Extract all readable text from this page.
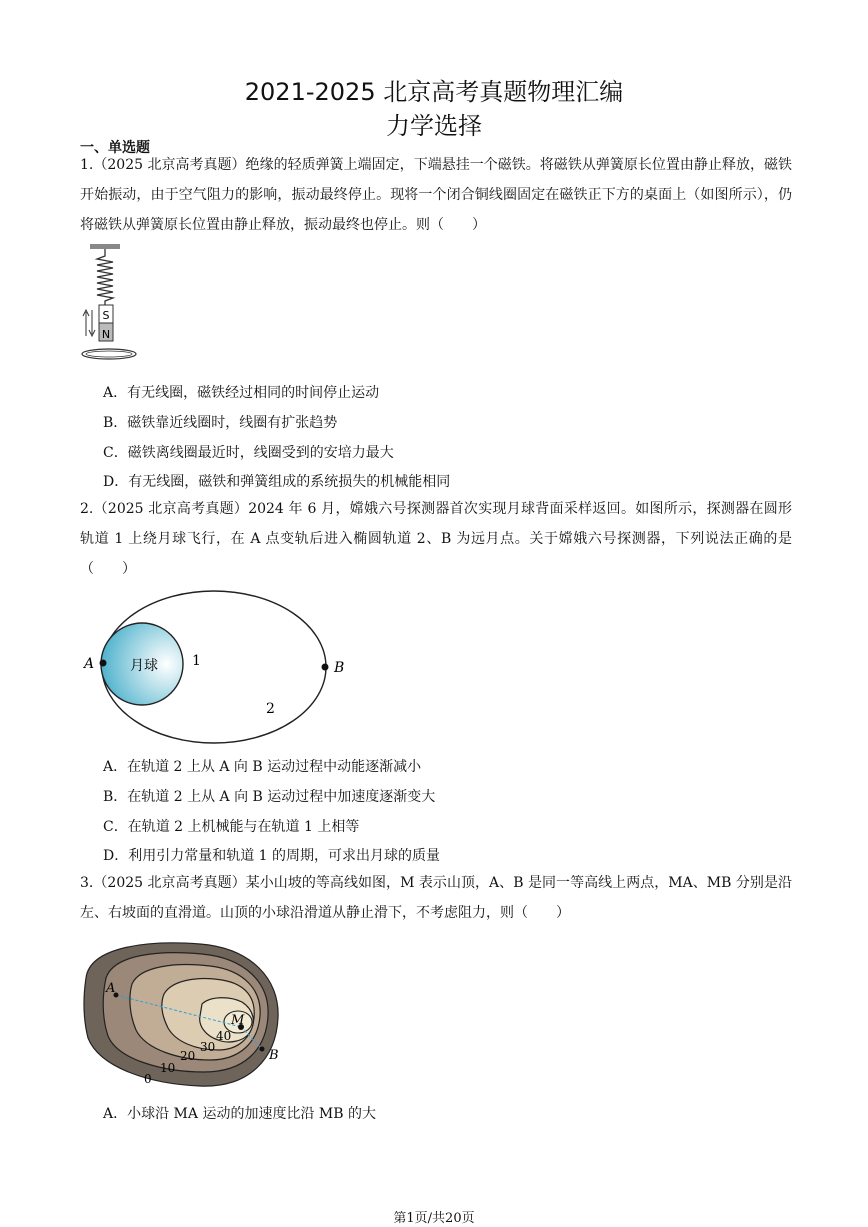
2021-2025 北京高考真题物理汇编
力学选择
一、单选题

1.（2025 北京高考真题）绝缘的轻质弹簧上端固定，下端悬挂一个磁铁。将磁铁从弹簧原长位置由静止释放，磁铁开始振动，由于空气阻力的影响，振动最终停止。现将一个闭合铜线圈固定在磁铁正下方的桌面上（如图所示），仍将磁铁从弹簧原长位置由静止释放，振动最终也停止。则（　　）

S
N

A．有无线圈，磁铁经过相同的时间停止运动

B．磁铁靠近线圈时，线圈有扩张趋势

C．磁铁离线圈最近时，线圈受到的安培力最大

D．有无线圈，磁铁和弹簧组成的系统损失的机械能相同

2.（2025 北京高考真题）2024 年 6 月，嫦娥六号探测器首次实现月球背面采样返回。如图所示，探测器在圆形轨道 1 上绕月球飞行，在 A 点变轨后进入椭圆轨道 2、B 为远月点。关于嫦娥六号探测器，下列说法正确的是（　　）

A	B
月球 1
2

A．在轨道 2 上从 A 向 B 运动过程中动能逐渐减小

B．在轨道 2 上从 A 向 B 运动过程中加速度逐渐变大

C．在轨道 2 上机械能与在轨道 1 上相等

D．利用引力常量和轨道 1 的周期，可求出月球的质量

3.（2025 北京高考真题）某小山坡的等高线如图，M 表示山顶，A、B 是同一等高线上两点，MA、MB 分别是沿左、右坡面的直滑道。山顶的小球沿滑道从静止滑下，不考虑阻力，则（　　）

A
B
M
0
10
20
30
40

A．小球沿 MA 运动的加速度比沿 MB 的大

第1页/共20页
